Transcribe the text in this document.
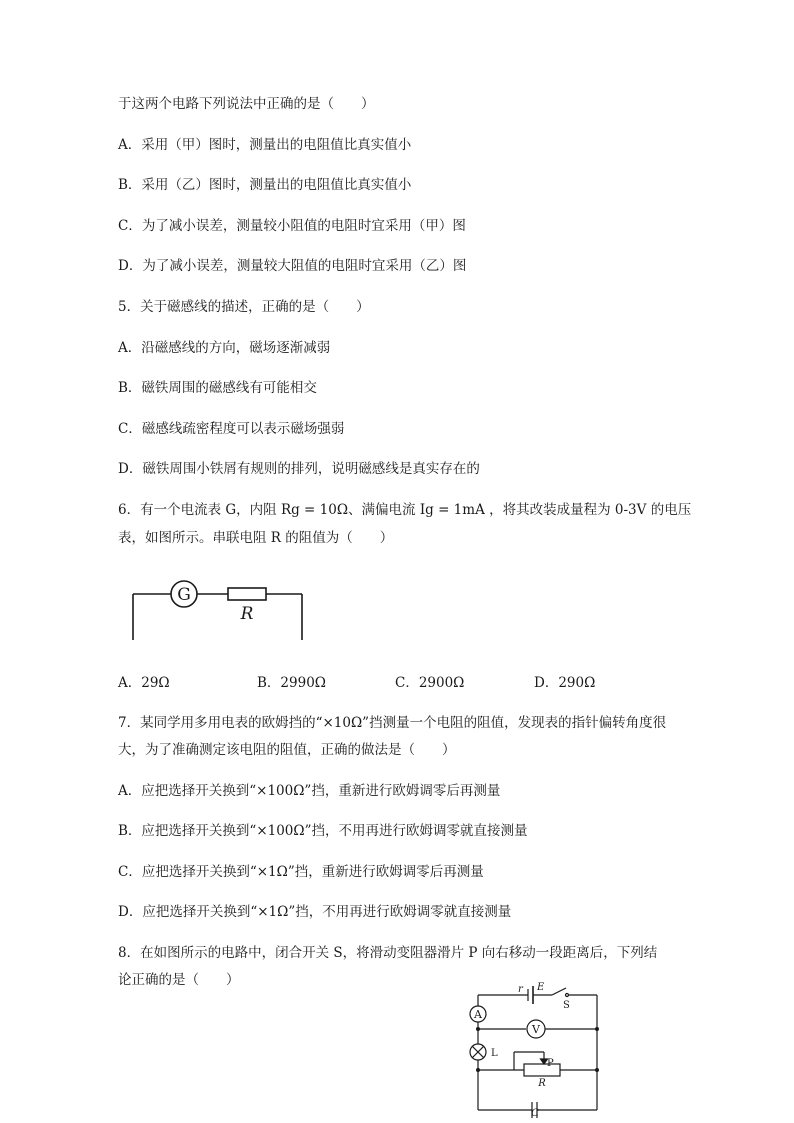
于这两个电路下列说法中正确的是（　　）
A．采用（甲）图时，测量出的电阻值比真实值小
B．采用（乙）图时，测量出的电阻值比真实值小
C．为了减小误差，测量较小阻值的电阻时宜采用（甲）图
D．为了减小误差，测量较大阻值的电阻时宜采用（乙）图
5．关于磁感线的描述，正确的是（　　）
A．沿磁感线的方向，磁场逐渐减弱
B．磁铁周围的磁感线有可能相交
C．磁感线疏密程度可以表示磁场强弱
D．磁铁周围小铁屑有规则的排列，说明磁感线是真实存在的
6．有一个电流表 G，内阻 Rg = 10Ω、满偏电流 Ig = 1mA ，将其改装成量程为 0-3V 的电压
表，如图所示。串联电阻 R 的阻值为（　　）
G
R
A．29Ω	B．2990Ω	C．2900Ω	D．290Ω
7．某同学用多用电表的欧姆挡的“×10Ω”挡测量一个电阻的阻值，发现表的指针偏转角度很
大，为了准确测定该电阻的阻值，正确的做法是（　　）
A．应把选择开关换到“×100Ω”挡，重新进行欧姆调零后再测量
B．应把选择开关换到“×100Ω”挡，不用再进行欧姆调零就直接测量
C．应把选择开关换到“×1Ω”挡，重新进行欧姆调零后再测量
D．应把选择开关换到“×1Ω”挡，不用再进行欧姆调零就直接测量
8．在如图所示的电路中，闭合开关 S，将滑动变阻器滑片 P 向右移动一段距离后，下列结
论正确的是（　　）
r E
S
A
V
L
P
R
C
